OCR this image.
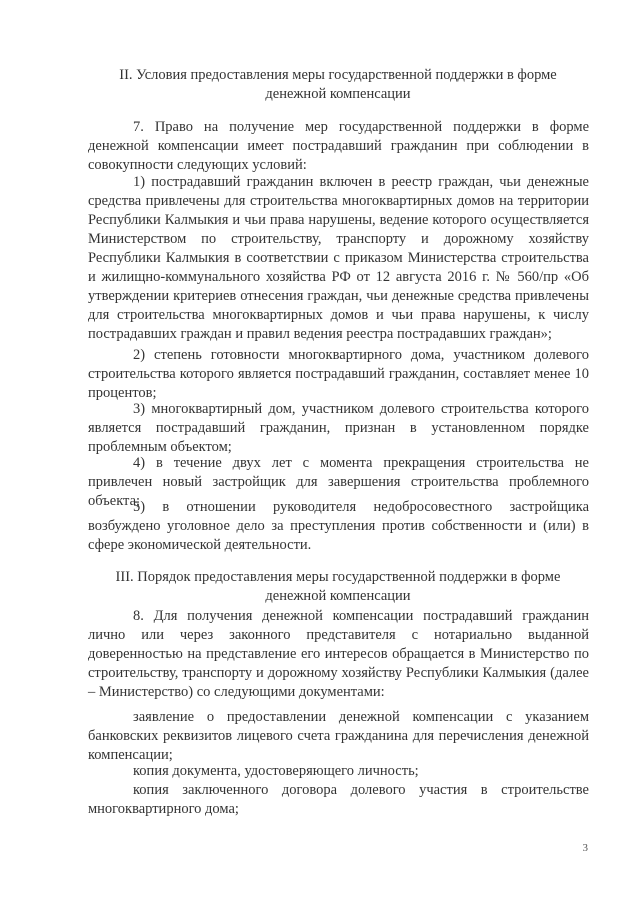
II. Условия предоставления меры государственной поддержки в форме денежной компенсации
7. Право на получение мер государственной поддержки в форме денежной компенсации имеет пострадавший гражданин при соблюдении в совокупности следующих условий:
1) пострадавший гражданин включен в реестр граждан, чьи денежные средства привлечены для строительства многоквартирных домов на территории Республики Калмыкия и чьи права нарушены, ведение которого осуществляется Министерством по строительству, транспорту и дорожному хозяйству Республики Калмыкия в соответствии с приказом Министерства строительства и жилищно-коммунального хозяйства РФ от 12 августа 2016 г. № 560/пр «Об утверждении критериев отнесения граждан, чьи денежные средства привлечены для строительства многоквартирных домов и чьи права нарушены, к числу пострадавших граждан и правил ведения реестра пострадавших граждан»;
2) степень готовности многоквартирного дома, участником долевого строительства которого является пострадавший гражданин, составляет менее 10 процентов;
3) многоквартирный дом, участником долевого строительства которого является пострадавший гражданин, признан в установленном порядке проблемным объектом;
4) в течение двух лет с момента прекращения строительства не привлечен новый застройщик для завершения строительства проблемного объекта;
5) в отношении руководителя недобросовестного застройщика возбуждено уголовное дело за преступления против собственности и (или) в сфере экономической деятельности.
III. Порядок предоставления меры государственной поддержки в форме денежной компенсации
8. Для получения денежной компенсации пострадавший гражданин лично или через законного представителя с нотариально выданной доверенностью на представление его интересов обращается в Министерство по строительству, транспорту и дорожному хозяйству Республики Калмыкия (далее – Министерство) со следующими документами:
заявление о предоставлении денежной компенсации с указанием банковских реквизитов лицевого счета гражданина для перечисления денежной компенсации;
копия документа, удостоверяющего личность;
копия заключенного договора долевого участия в строительстве многоквартирного дома;
3
